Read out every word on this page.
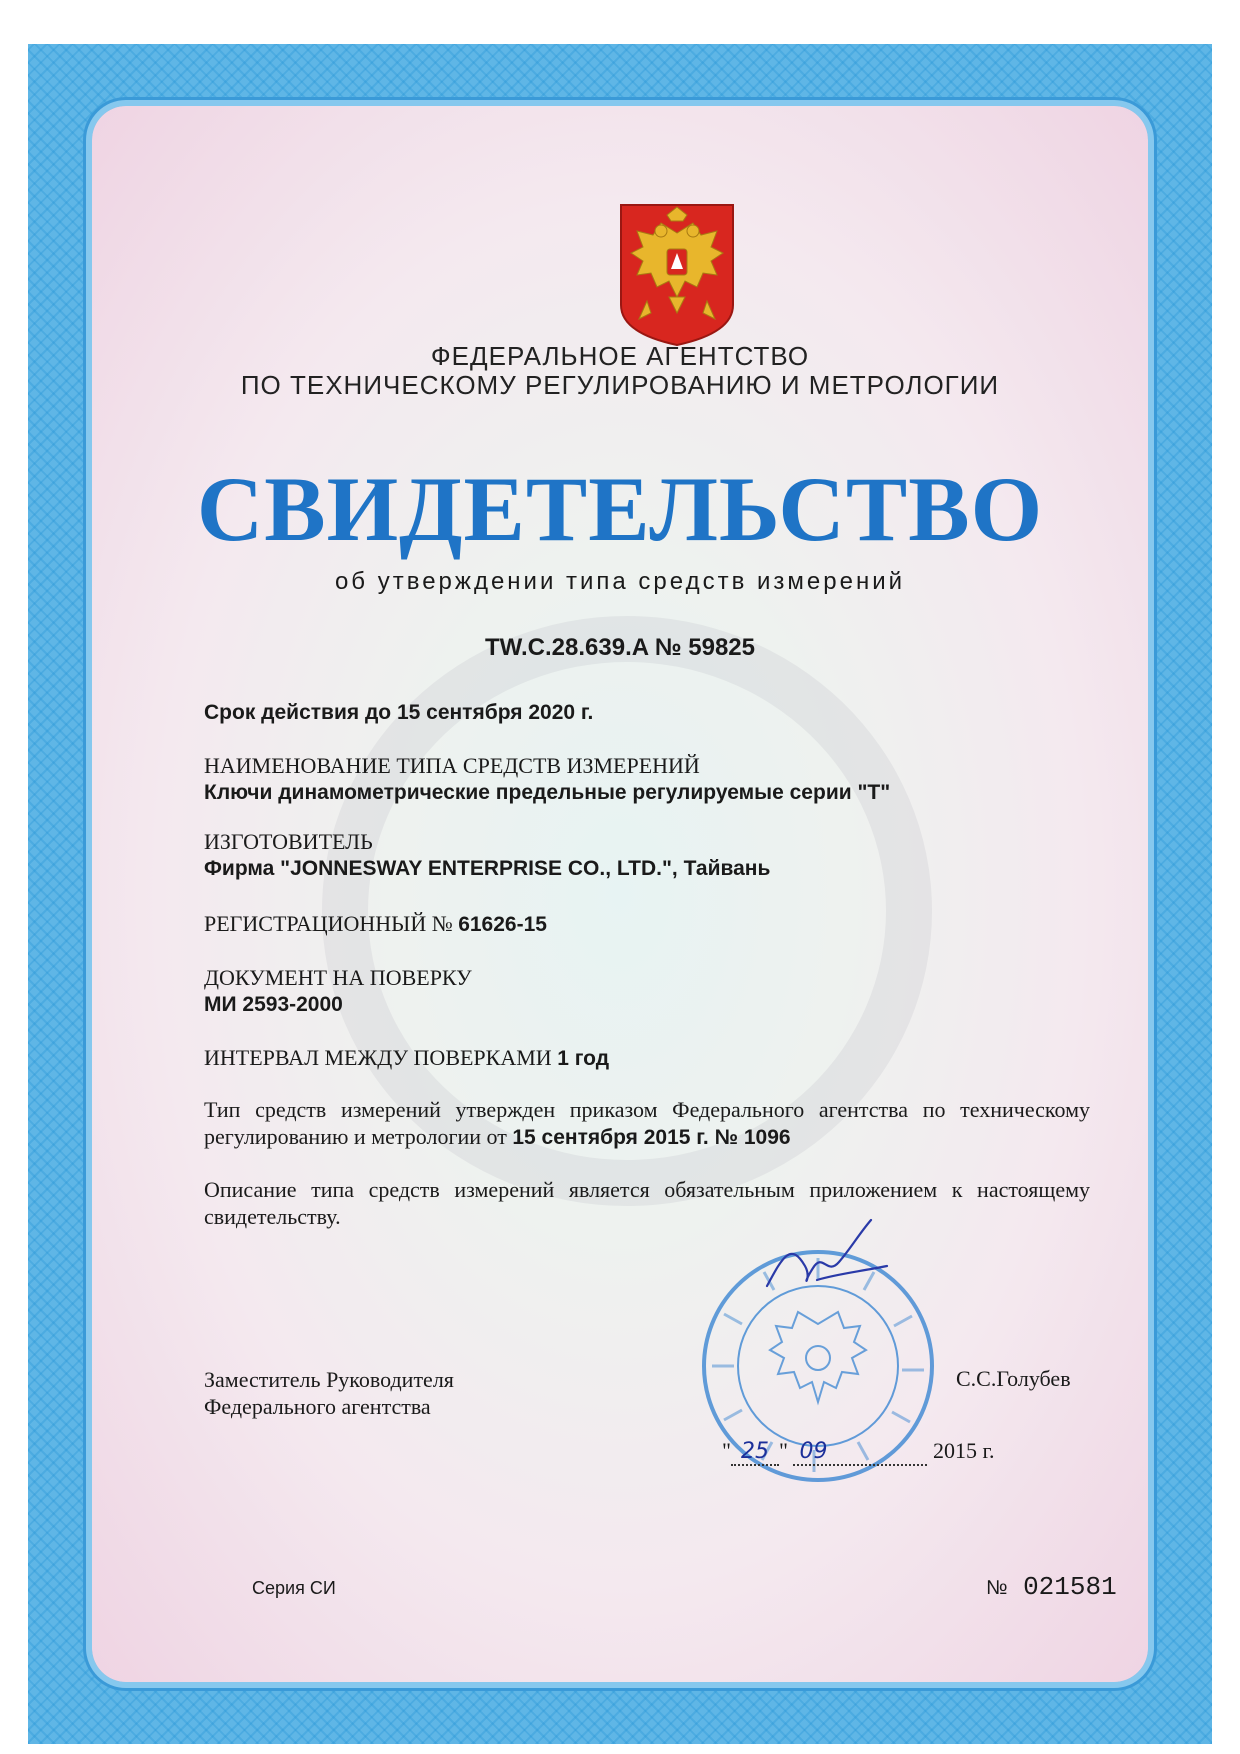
ФЕДЕРАЛЬНОЕ АГЕНТСТВО
ПО ТЕХНИЧЕСКОМУ РЕГУЛИРОВАНИЮ И МЕТРОЛОГИИ
СВИДЕТЕЛЬСТВО
об утверждении типа средств измерений
TW.C.28.639.A № 59825
Срок действия до 15 сентября 2020 г.
НАИМЕНОВАНИЕ ТИПА СРЕДСТВ ИЗМЕРЕНИЙ
Ключи динамометрические предельные регулируемые серии "T"
ИЗГОТОВИТЕЛЬ
Фирма "JONNESWAY ENTERPRISE CO., LTD.", Тайвань
РЕГИСТРАЦИОННЫЙ № 61626-15
ДОКУМЕНТ НА ПОВЕРКУ
МИ 2593-2000
ИНТЕРВАЛ МЕЖДУ ПОВЕРКАМИ 1 год
Тип средств измерений утвержден приказом Федерального агентства по техническому регулированию и метрологии от 15 сентября 2015 г. № 1096
Описание типа средств измерений является обязательным приложением к настоящему свидетельству.
Заместитель Руководителя
Федерального агентства
С.С.Голубев
" 25 " 09	2015 г.
Серия СИ	№ 021581
